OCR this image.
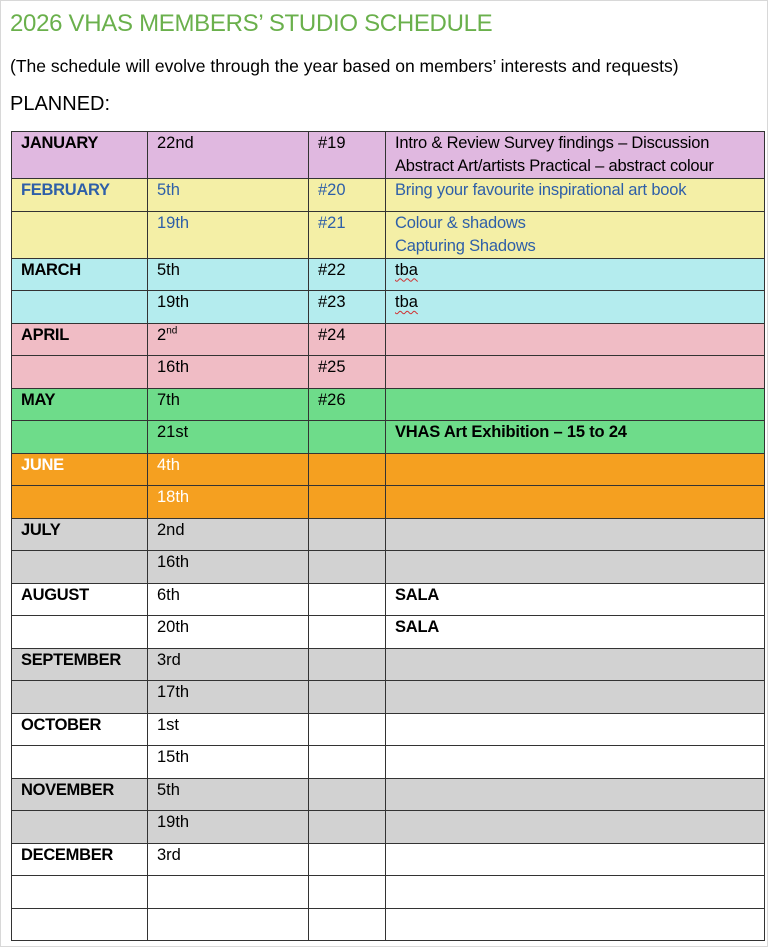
2026 VHAS MEMBERS’ STUDIO SCHEDULE
(The schedule will evolve through the year based on members’ interests and requests)
PLANNED:
JANUARY	22nd	#19	Intro & Review Survey findings – Discussion
Abstract Art/artists Practical – abstract colour

FEBRUARY	5th	#20	Bring your favourite inspirational art book
	19th	#21	Colour & shadows
Capturing Shadows

MARCH	5th	#22	tba
	19th	#23	tba
APRIL	2nd	#24	
	16th	#25	
MAY	7th	#26	
	21st		VHAS Art Exhibition – 15 to 24
JUNE	4th		
	18th		
JULY	2nd		
	16th		
AUGUST	6th		SALA
	20th		SALA
SEPTEMBER	3rd		
	17th		
OCTOBER	1st		
	15th		
NOVEMBER	5th		
	19th		
DECEMBER	3rd		
